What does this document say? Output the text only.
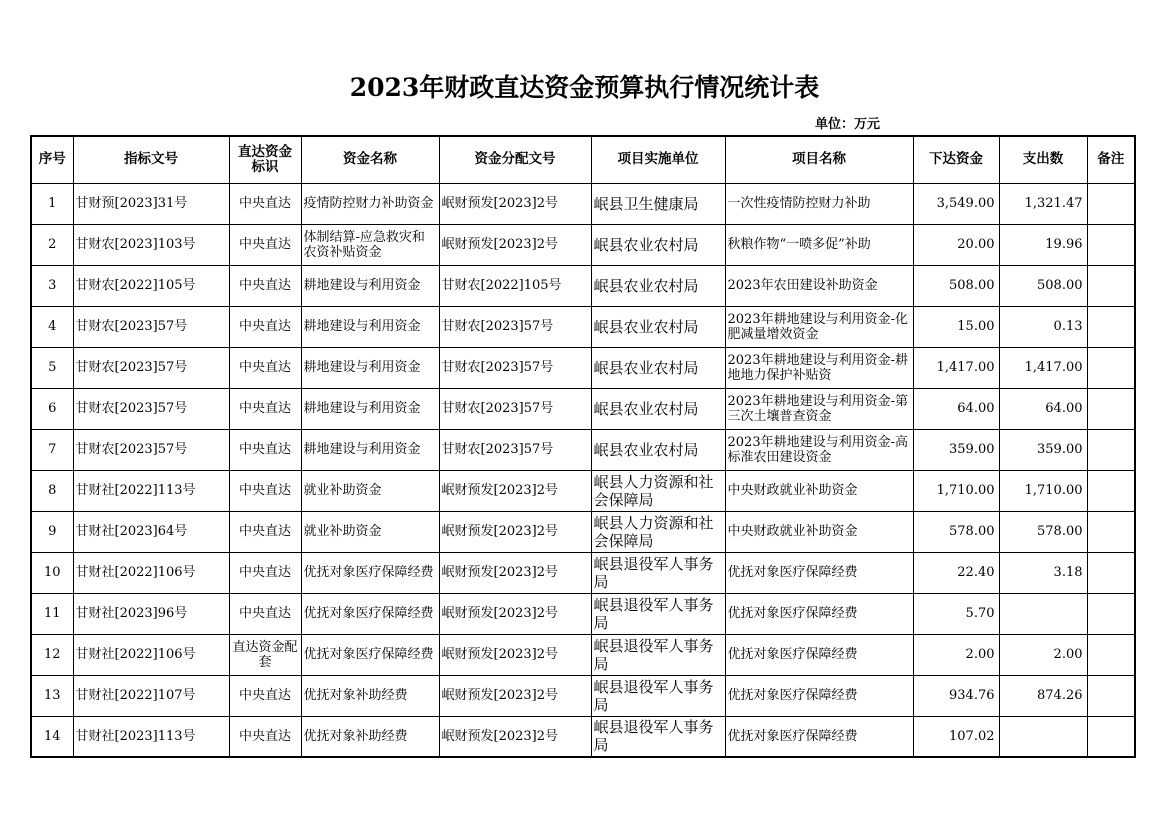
2023年财政直达资金预算执行情况统计表
单位：万元
序号	指标文号	直达资金标识	资金名称	资金分配文号	项目实施单位	项目名称	下达资金	支出数	备注
1	甘财预[2023]31号	中央直达	疫情防控财力补助资金	岷财预发[2023]2号	岷县卫生健康局	一次性疫情防控财力补助	3,549.00	1,321.47	
2	甘财农[2023]103号	中央直达	体制结算-应急救灾和农资补贴资金	岷财预发[2023]2号	岷县农业农村局	秋粮作物“一喷多促”补助	20.00	19.96	
3	甘财农[2022]105号	中央直达	耕地建设与利用资金	甘财农[2022]105号	岷县农业农村局	2023年农田建设补助资金	508.00	508.00	
4	甘财农[2023]57号	中央直达	耕地建设与利用资金	甘财农[2023]57号	岷县农业农村局	2023年耕地建设与利用资金-化肥减量增效资金	15.00	0.13	
5	甘财农[2023]57号	中央直达	耕地建设与利用资金	甘财农[2023]57号	岷县农业农村局	2023年耕地建设与利用资金-耕地地力保护补贴资	1,417.00	1,417.00	
6	甘财农[2023]57号	中央直达	耕地建设与利用资金	甘财农[2023]57号	岷县农业农村局	2023年耕地建设与利用资金-第三次土壤普查资金	64.00	64.00	
7	甘财农[2023]57号	中央直达	耕地建设与利用资金	甘财农[2023]57号	岷县农业农村局	2023年耕地建设与利用资金-高标准农田建设资金	359.00	359.00	
8	甘财社[2022]113号	中央直达	就业补助资金	岷财预发[2023]2号	岷县人力资源和社会保障局	中央财政就业补助资金	1,710.00	1,710.00	
9	甘财社[2023]64号	中央直达	就业补助资金	岷财预发[2023]2号	岷县人力资源和社会保障局	中央财政就业补助资金	578.00	578.00	
10	甘财社[2022]106号	中央直达	优抚对象医疗保障经费	岷财预发[2023]2号	岷县退役军人事务局	优抚对象医疗保障经费	22.40	3.18	
11	甘财社[2023]96号	中央直达	优抚对象医疗保障经费	岷财预发[2023]2号	岷县退役军人事务局	优抚对象医疗保障经费	5.70		
12	甘财社[2022]106号	直达资金配套	优抚对象医疗保障经费	岷财预发[2023]2号	岷县退役军人事务局	优抚对象医疗保障经费	2.00	2.00	
13	甘财社[2022]107号	中央直达	优抚对象补助经费	岷财预发[2023]2号	岷县退役军人事务局	优抚对象医疗保障经费	934.76	874.26	
14	甘财社[2023]113号	中央直达	优抚对象补助经费	岷财预发[2023]2号	岷县退役军人事务局	优抚对象医疗保障经费	107.02		
